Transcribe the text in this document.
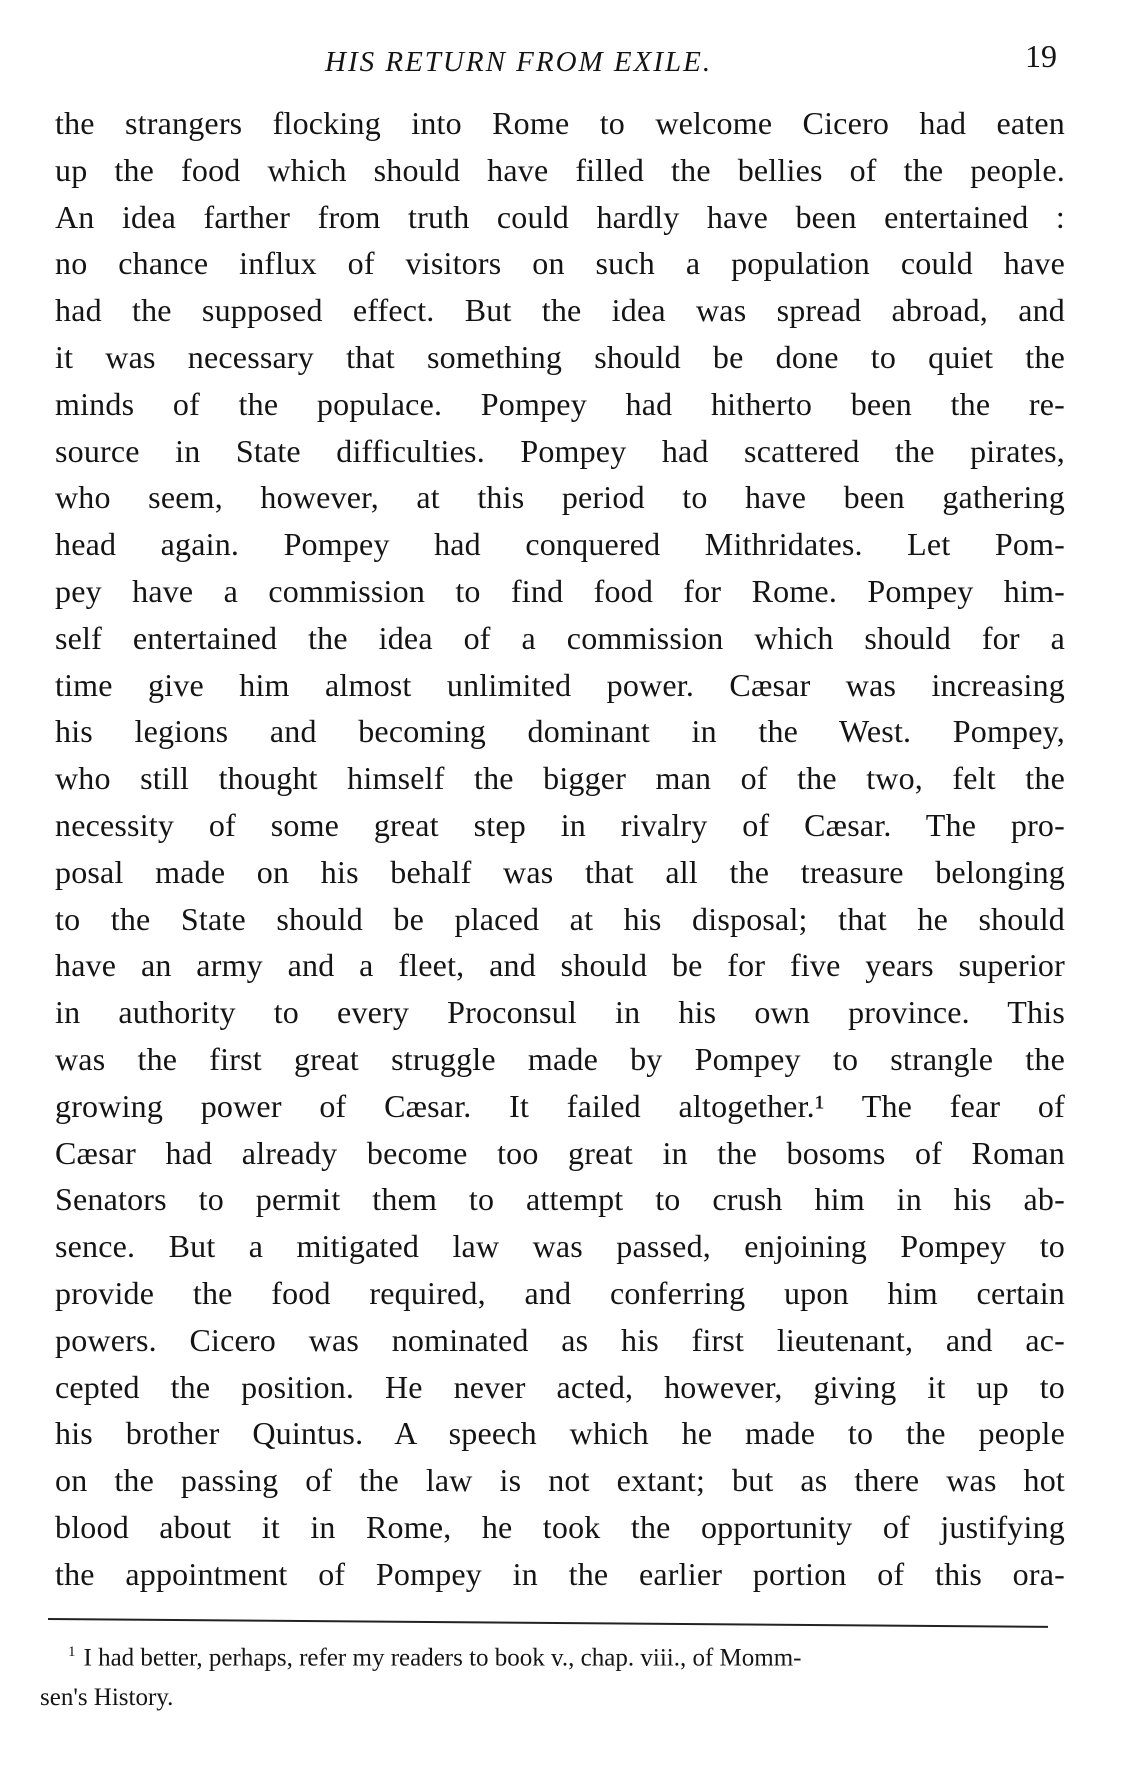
HIS RETURN FROM EXILE.	19
the strangers flocking into Rome to welcome Cicero had eaten
up the food which should have filled the bellies of the people.
An idea farther from truth could hardly have been entertained :
no chance influx of visitors on such a population could have
had the supposed effect. But the idea was spread abroad, and
it was necessary that something should be done to quiet the
minds of the populace. Pompey had hitherto been the re-
source in State difficulties. Pompey had scattered the pirates,
who seem, however, at this period to have been gathering
head again. Pompey had conquered Mithridates. Let Pom-
pey have a commission to find food for Rome. Pompey him-
self entertained the idea of a commission which should for a
time give him almost unlimited power. Cæsar was increasing
his legions and becoming dominant in the West. Pompey,
who still thought himself the bigger man of the two, felt the
necessity of some great step in rivalry of Cæsar. The pro-
posal made on his behalf was that all the treasure belonging
to the State should be placed at his disposal; that he should
have an army and a fleet, and should be for five years superior
in authority to every Proconsul in his own province. This
was the first great struggle made by Pompey to strangle the
growing power of Cæsar. It failed altogether.¹ The fear of
Cæsar had already become too great in the bosoms of Roman
Senators to permit them to attempt to crush him in his ab-
sence. But a mitigated law was passed, enjoining Pompey to
provide the food required, and conferring upon him certain
powers. Cicero was nominated as his first lieutenant, and ac-
cepted the position. He never acted, however, giving it up to
his brother Quintus. A speech which he made to the people
on the passing of the law is not extant; but as there was hot
blood about it in Rome, he took the opportunity of justifying
the appointment of Pompey in the earlier portion of this ora-
$^1$ I had better, perhaps, refer my readers to book v., chap. viii., of Momm-
sen's History.
